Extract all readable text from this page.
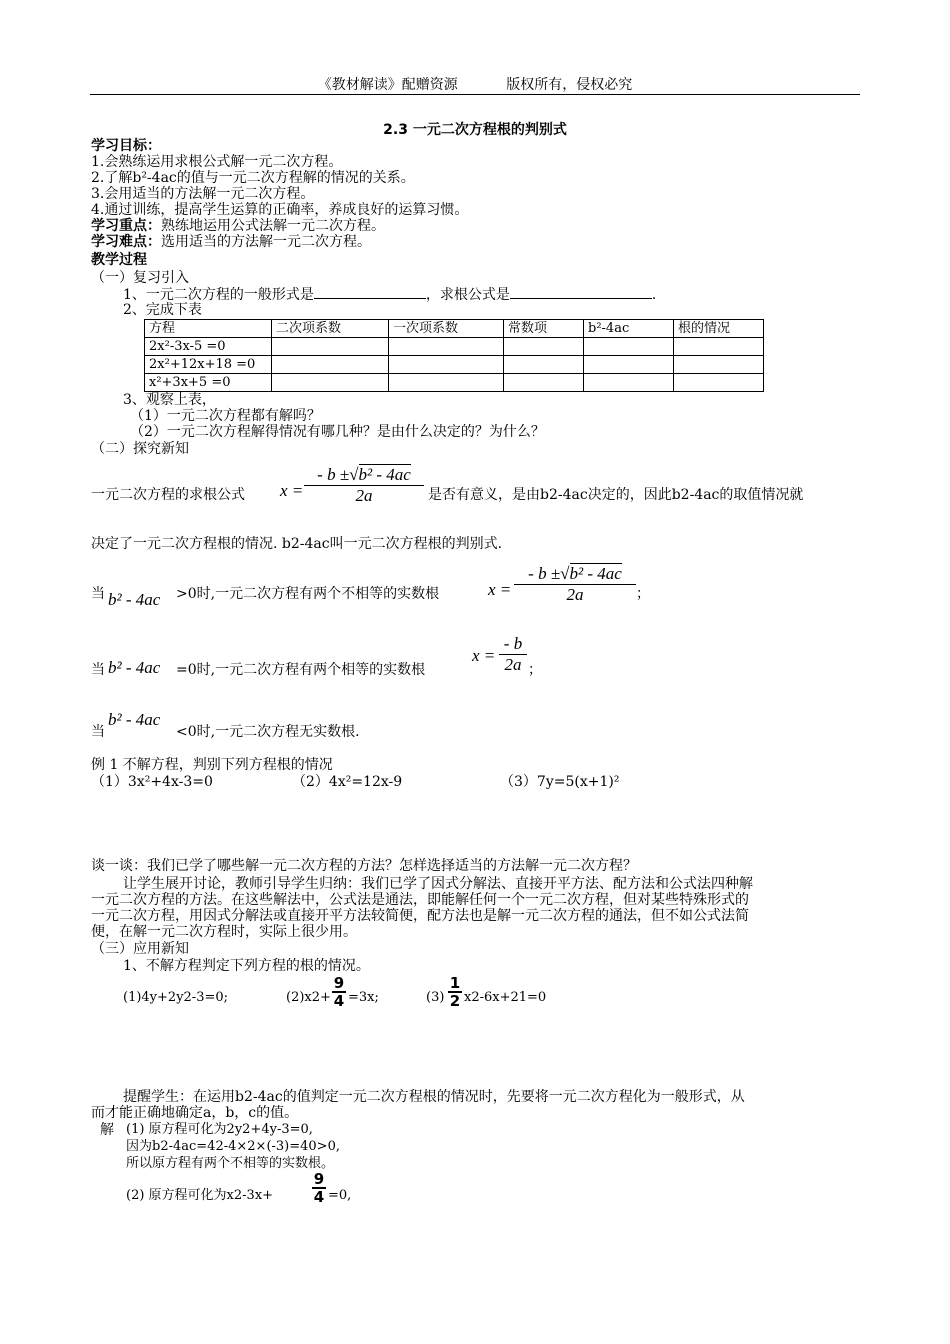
《教材解读》配赠资源	版权所有，侵权必究
2.3 一元二次方程根的判别式
学习目标：
1.会熟练运用求根公式解一元二次方程。
2.了解b²-4ac的值与一元二次方程解的情况的关系。
3.会用适当的方法解一元二次方程。
4.通过训练，提高学生运算的正确率，养成良好的运算习惯。
学习重点：熟练地运用公式法解一元二次方程。
学习难点：选用适当的方法解一元二次方程。
教学过程
（一）复习引入
1、一元二次方程的一般形式是	，求根公式是	.
2、完成下表
方程	二次项系数	一次项系数	常数项	b²-4ac	根的情况
2x²-3x-5 =0					
2x²+12x+18 =0					
x²+3x+5 =0					
3、观察上表，
（1）一元二次方程都有解吗？
（2）一元二次方程解得情况有哪几种？是由什么决定的？为什么？
（二）探究新知
一元二次方程的求根公式 $x = \frac{\text{- b ±√b² - 4ac}}{2a}$ 是否有意义，是由b2-4ac决定的，因此b2-4ac的取值情况就
决定了一元二次方程根的情况. b2-4ac叫一元二次方程根的判别式.
当 b² - 4ac >0时,一元二次方程有两个不相等的实数根	$x = \frac{\text{- b ±√b² - 4ac}}{2a}$ ；
当 b² - 4ac =0时,一元二次方程有两个相等的实数根
$x = \frac{- b}{2a}$ ；
当
b² - 4ac
<0时,一元二次方程无实数根.
例 1 不解方程，判别下列方程根的情况
（1）3x²+4x-3=0	（2）4x²=12x-9	（3）7y=5(x+1)²
谈一谈：我们已学了哪些解一元二次方程的方法？怎样选择适当的方法解一元二次方程？
让学生展开讨论，教师引导学生归纳：我们已学了因式分解法、直接开平方法、配方法和公式法四种解
一元二次方程的方法。在这些解法中，公式法是通法，即能解任何一个一元二次方程，但对某些特殊形式的
一元二次方程，用因式分解法或直接开平方法较简便，配方法也是解一元二次方程的通法，但不如公式法简
便，在解一元二次方程时，实际上很少用。
（三）应用新知
1、不解方程判定下列方程的根的情况。
(1)4y+2y2-3=0;	$(2)x2+ \frac{9}{4} =3x$;	$(3) \frac{1}{2} x2-6x+21=0$
提醒学生：在运用b2-4ac的值判定一元二次方程根的情况时，先要将一元二次方程化为一般形式，从
而才能正确地确定a，b，c的值。
解 (1) 原方程可化为2y2+4y-3=0,
因为b2-4ac=42-4×2×(-3)=40>0,
所以原方程有两个不相等的实数根。
(2) 原方程可化为x2-3x+	$\frac{9}{4} =0$,
